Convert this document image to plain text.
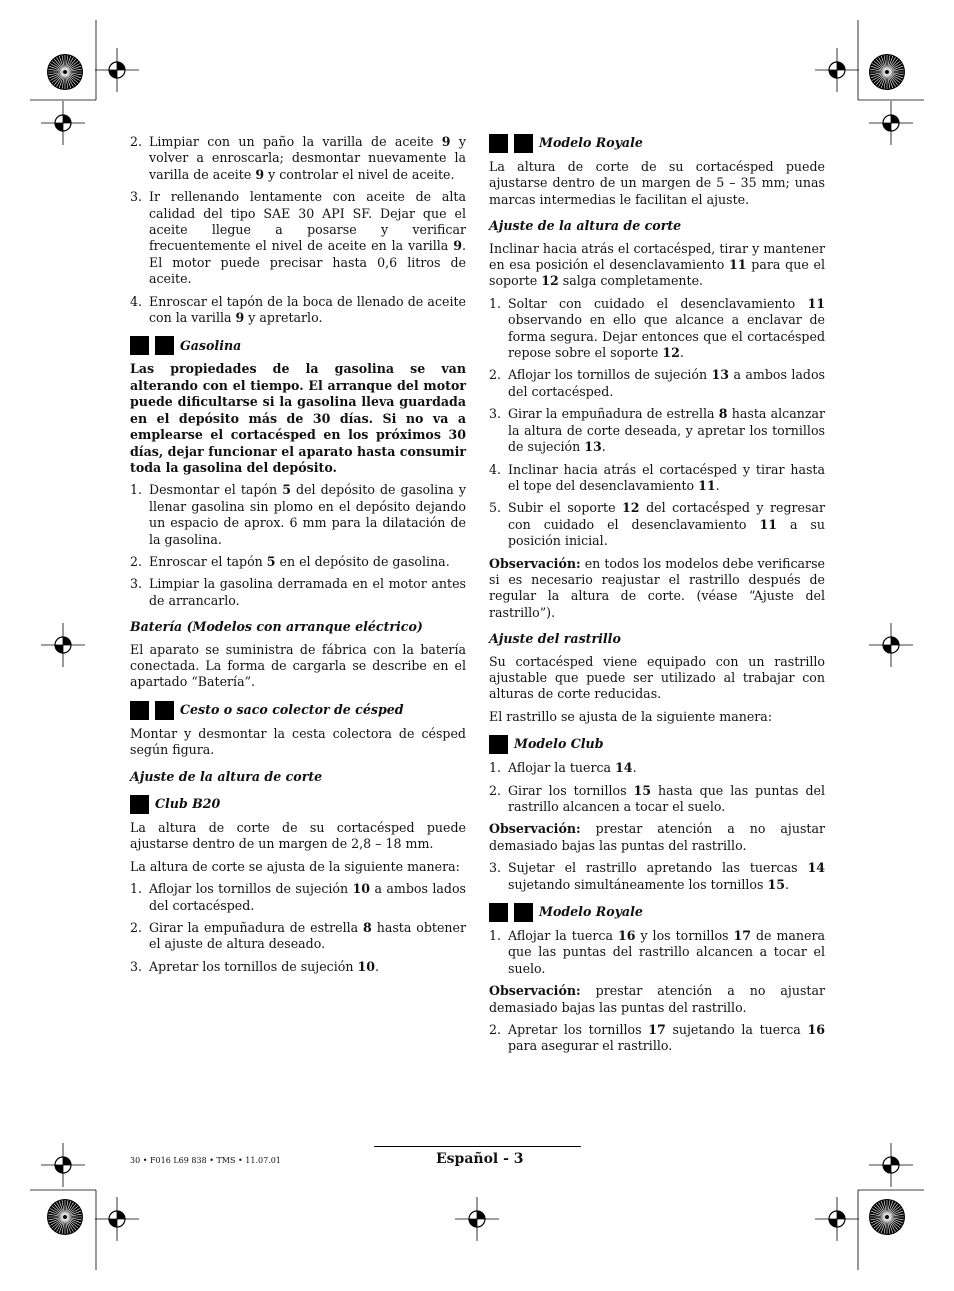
2. Limpiar con un paño la varilla de aceite 9 y volver a enroscarla; desmontar nuevamente la varilla de aceite 9 y controlar el nivel de aceite.
3. Ir rellenando lentamente con aceite de alta calidad del tipo SAE 30 API SF. Dejar que el aceite llegue a posarse y verificar frecuentemente el nivel de aceite en la varilla 9. El motor puede precisar hasta 0,6 litros de aceite.
4. Enroscar el tapón de la boca de llenado de aceite con la varilla 9 y apretarlo.
Gasolina

Las propiedades de la gasolina se van alterando con el tiempo. El arranque del motor puede dificultarse si la gasolina lleva guardada en el depósito más de 30 días. Si no va a emplearse el cortacésped en los próximos 30 días, dejar funcionar el aparato hasta consumir toda la gasolina del depósito.

1. Desmontar el tapón 5 del depósito de gasolina y llenar gasolina sin plomo en el depósito dejando un espacio de aprox. 6 mm para la dilatación de la gasolina.
2. Enroscar el tapón 5 en el depósito de gasolina.
3. Limpiar la gasolina derramada en el motor antes de arrancarlo.
Batería (Modelos con arranque eléctrico)

El aparato se suministra de fábrica con la batería conectada. La forma de cargarla se describe en el apartado “Batería”.

Cesto o saco colector de césped

Montar y desmontar la cesta colectora de césped según figura.

Ajuste de la altura de corte
Club B20

La altura de corte de su cortacésped puede ajustarse dentro de un margen de 2,8 – 18 mm.

La altura de corte se ajusta de la siguiente manera:

1. Aflojar los tornillos de sujeción 10 a ambos lados del cortacésped.
2. Girar la empuñadura de estrella 8 hasta obtener el ajuste de altura deseado.
3. Apretar los tornillos de sujeción 10.
Modelo Royale

La altura de corte de su cortacésped puede ajustarse dentro de un margen de 5 – 35 mm; unas marcas intermedias le facilitan el ajuste.

Ajuste de la altura de corte

Inclinar hacia atrás el cortacésped, tirar y mantener en esa posición el desenclavamiento 11 para que el soporte 12 salga completamente.

1. Soltar con cuidado el desenclavamiento 11 observando en ello que alcance a enclavar de forma segura. Dejar entonces que el cortacésped repose sobre el soporte 12.
2. Aflojar los tornillos de sujeción 13 a ambos lados del cortacésped.
3. Girar la empuñadura de estrella 8 hasta alcanzar la altura de corte deseada, y apretar los tornillos de sujeción 13.
4. Inclinar hacia atrás el cortacésped y tirar hasta el tope del desenclavamiento 11.
5. Subir el soporte 12 del cortacésped y regresar con cuidado el desenclavamiento 11 a su posición inicial.

Observación: en todos los modelos debe verificarse si es necesario reajustar el rastrillo después de regular la altura de corte. (véase “Ajuste del rastrillo”).

Ajuste del rastrillo

Su cortacésped viene equipado con un rastrillo ajustable que puede ser utilizado al trabajar con alturas de corte reducidas.

El rastrillo se ajusta de la siguiente manera:

Modelo Club
1. Aflojar la tuerca 14.
2. Girar los tornillos 15 hasta que las puntas del rastrillo alcancen a tocar el suelo.

Observación: prestar atención a no ajustar demasiado bajas las puntas del rastrillo.

3. Sujetar el rastrillo apretando las tuercas 14 sujetando simultáneamente los tornillos 15.
Modelo Royale
1. Aflojar la tuerca 16 y los tornillos 17 de manera que las puntas del rastrillo alcancen a tocar el suelo.

Observación: prestar atención a no ajustar demasiado bajas las puntas del rastrillo.

2. Apretar los tornillos 17 sujetando la tuerca 16 para asegurar el rastrillo.
Español - 3
30 • F016 L69 838 • TMS • 11.07.01
